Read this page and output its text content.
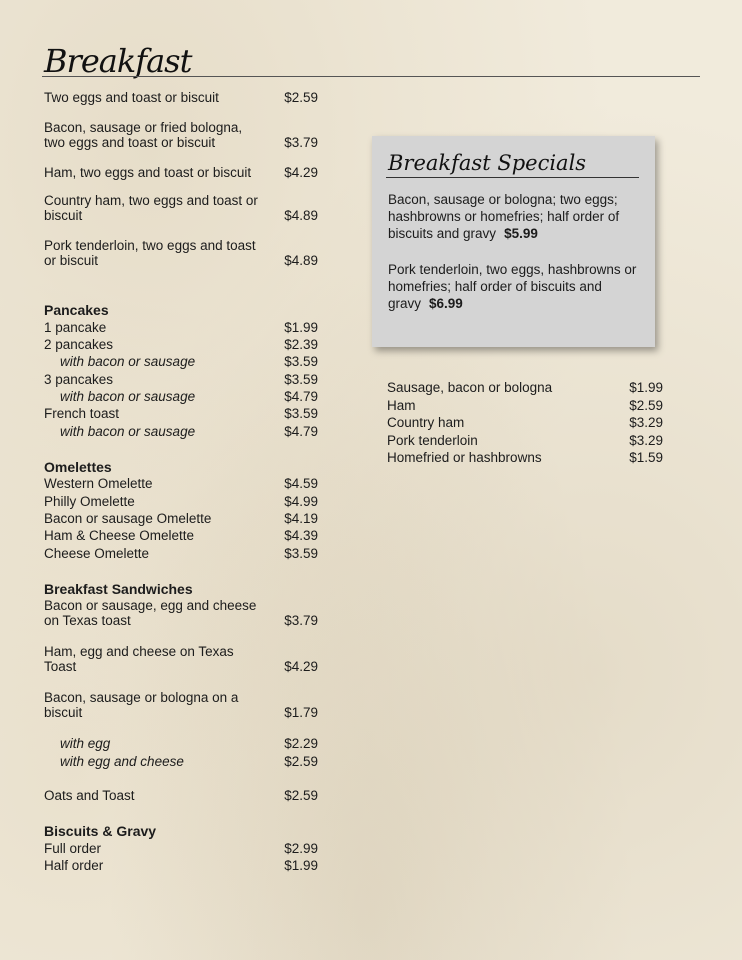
Breakfast
Two eggs and toast or biscuit	$2.59
Bacon, sausage or fried bologna, two eggs and toast or biscuit	$3.79
Ham, two eggs and toast or biscuit	$4.29
Country ham, two eggs and toast or biscuit	$4.89
Pork tenderloin, two eggs and toast or biscuit	$4.89
Pancakes
1 pancake	$1.99
2 pancakes	$2.39
with bacon or sausage	$3.59
3 pancakes	$3.59
with bacon or sausage	$4.79
French toast	$3.59
with bacon or sausage	$4.79
Omelettes
Western Omelette	$4.59
Philly Omelette	$4.99
Bacon or sausage Omelette	$4.19
Ham & Cheese Omelette	$4.39
Cheese Omelette	$3.59
Breakfast Sandwiches
Bacon or sausage, egg and cheese on Texas toast	$3.79
Ham, egg and cheese on Texas Toast	$4.29
Bacon, sausage or bologna on a biscuit	$1.79
with egg	$2.29
with egg and cheese	$2.59
Oats and Toast	$2.59
Biscuits & Gravy
Full order	$2.99
Half order	$1.99
Breakfast Specials
Bacon, sausage or bologna; two eggs; hashbrowns or homefries; half order of biscuits and gravy $5.99
Pork tenderloin, two eggs, hashbrowns or homefries; half order of biscuits and gravy $6.99
Sausage, bacon or bologna	$1.99
Ham	$2.59
Country ham	$3.29
Pork tenderloin	$3.29
Homefried or hashbrowns	$1.59
